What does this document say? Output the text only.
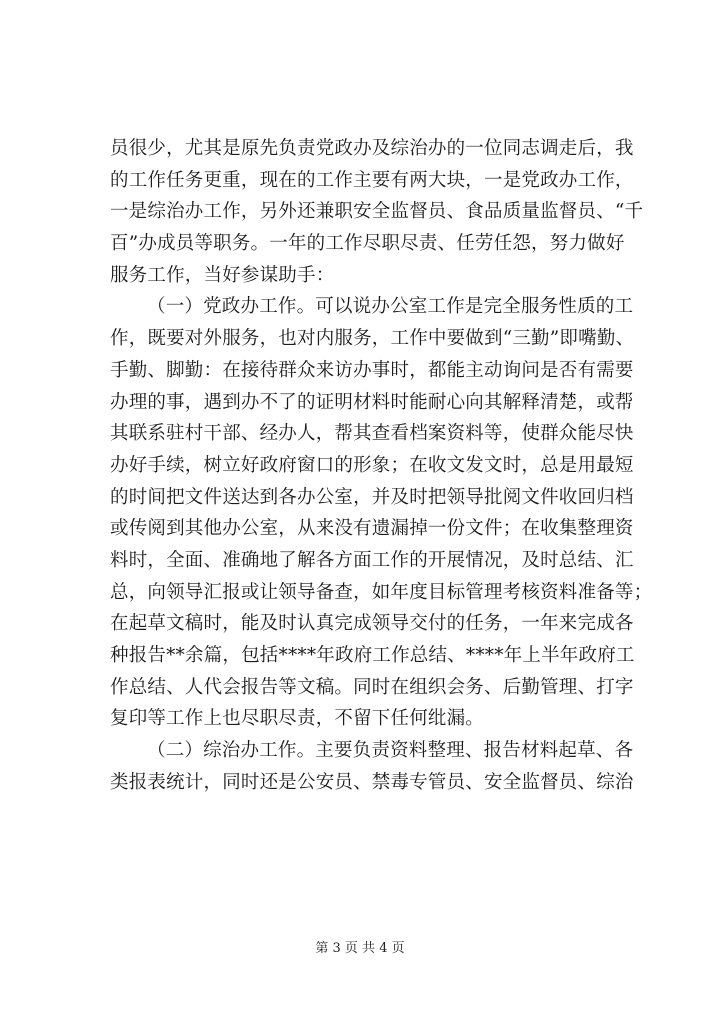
员很少，尤其是原先负责党政办及综治办的一位同志调走后，我
的工作任务更重，现在的工作主要有两大块，一是党政办工作，
一是综治办工作，另外还兼职安全监督员、食品质量监督员、“千
百”办成员等职务。一年的工作尽职尽责、任劳任怨，努力做好
服务工作，当好参谋助手：
（一）党政办工作。可以说办公室工作是完全服务性质的工
作，既要对外服务，也对内服务，工作中要做到“三勤”即嘴勤、
手勤、脚勤：在接待群众来访办事时，都能主动询问是否有需要
办理的事，遇到办不了的证明材料时能耐心向其解释清楚，或帮
其联系驻村干部、经办人，帮其查看档案资料等，使群众能尽快
办好手续，树立好政府窗口的形象；在收文发文时，总是用最短
的时间把文件送达到各办公室，并及时把领导批阅文件收回归档
或传阅到其他办公室，从来没有遗漏掉一份文件；在收集整理资
料时，全面、准确地了解各方面工作的开展情况，及时总结、汇
总，向领导汇报或让领导备查，如年度目标管理考核资料准备等；
在起草文稿时，能及时认真完成领导交付的任务，一年来完成各
种报告**余篇，包括****年政府工作总结、****年上半年政府工
作总结、人代会报告等文稿。同时在组织会务、后勤管理、打字
复印等工作上也尽职尽责，不留下任何纰漏。
（二）综治办工作。主要负责资料整理、报告材料起草、各
类报表统计，同时还是公安员、禁毒专管员、安全监督员、综治
第 3 页 共 4 页
